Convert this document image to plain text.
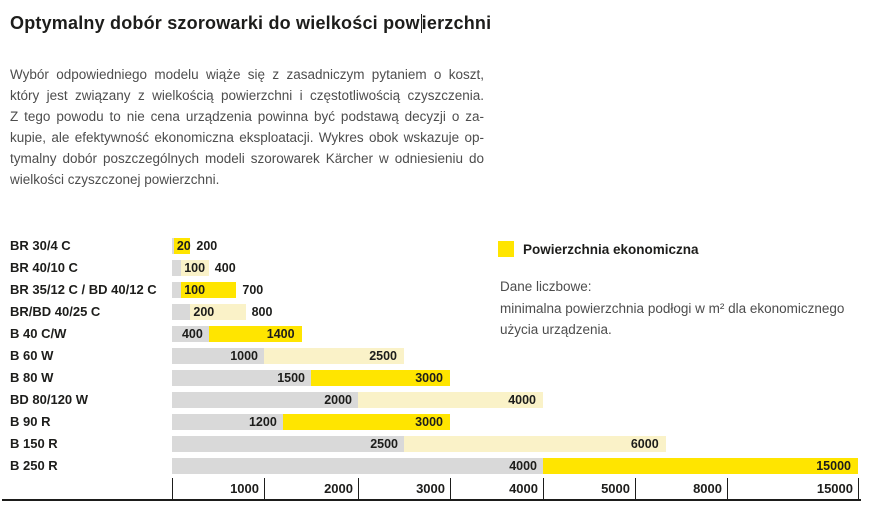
Optymalny dobór szorowarki do wielkości pow ierzchni
Wybór odpowiedniego modelu wiąże się z zasadniczym pytaniem o koszt,
który jest związany z wielkością powierzchni i częstotliwością czyszczenia.
Z tego powodu to nie cena urządzenia powinna być podstawą decyzji o za-
kupie, ale efektywność ekonomiczna eksploatacji. Wykres obok wskazuje op-
tymalny dobór poszczególnych modeli szorowarek Kärcher w odniesieniu do
wielkości czyszczonej powierzchni.
Powierzchnia ekonomiczna
Dane liczbowe:
minimalna powierzchnia podłogi w m² dla ekonomicznego
użycia urządzenia.
BR 30/4 C	20 200
BR 40/10 C	100 400
BR 35/12 C / BD 40/12 C 100	700
BR/BD 40/25 C	200	800
B 40 C/W	400	1400
B 60 W	1000	2500
B 80 W	1500	3000
BD 80/120 W	2000	4000
B 90 R	1200	3000
B 150 R	2500	6000
B 250 R	4000	15000
1000	2000	3000	4000	5000	8000	15000
